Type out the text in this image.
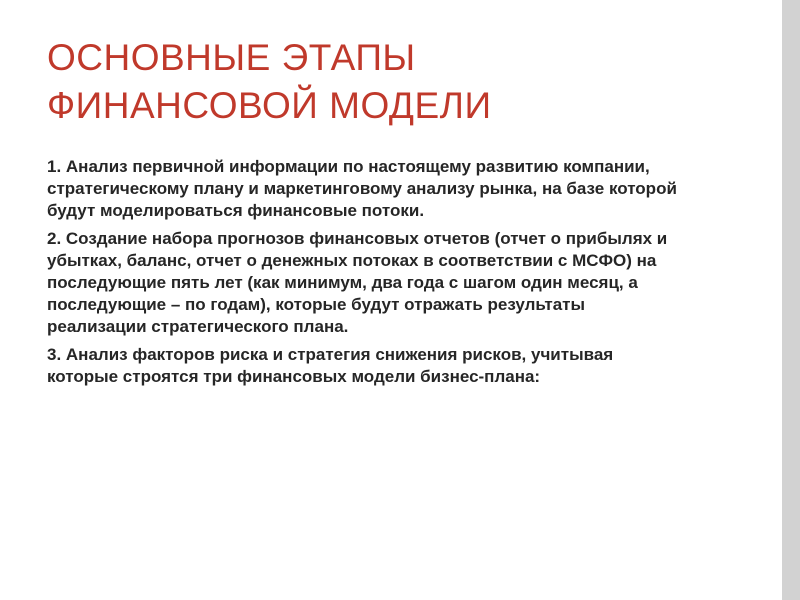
ОСНОВНЫЕ ЭТАПЫ
ФИНАНСОВОЙ МОДЕЛИ
1. Анализ первичной информации по настоящему развитию компании, стратегическому плану и маркетинговому анализу рынка, на базе которой будут моделироваться финансовые потоки.
2. Создание набора прогнозов финансовых отчетов (отчет о прибылях и убытках, баланс, отчет о денежных потоках в соответствии с МСФО) на последующие пять лет (как минимум, два года с шагом один месяц, а последующие – по годам), которые будут отражать результаты реализации стратегического плана.
3. Анализ факторов риска и стратегия снижения рисков, учитывая которые строятся три финансовых модели бизнес-плана:
